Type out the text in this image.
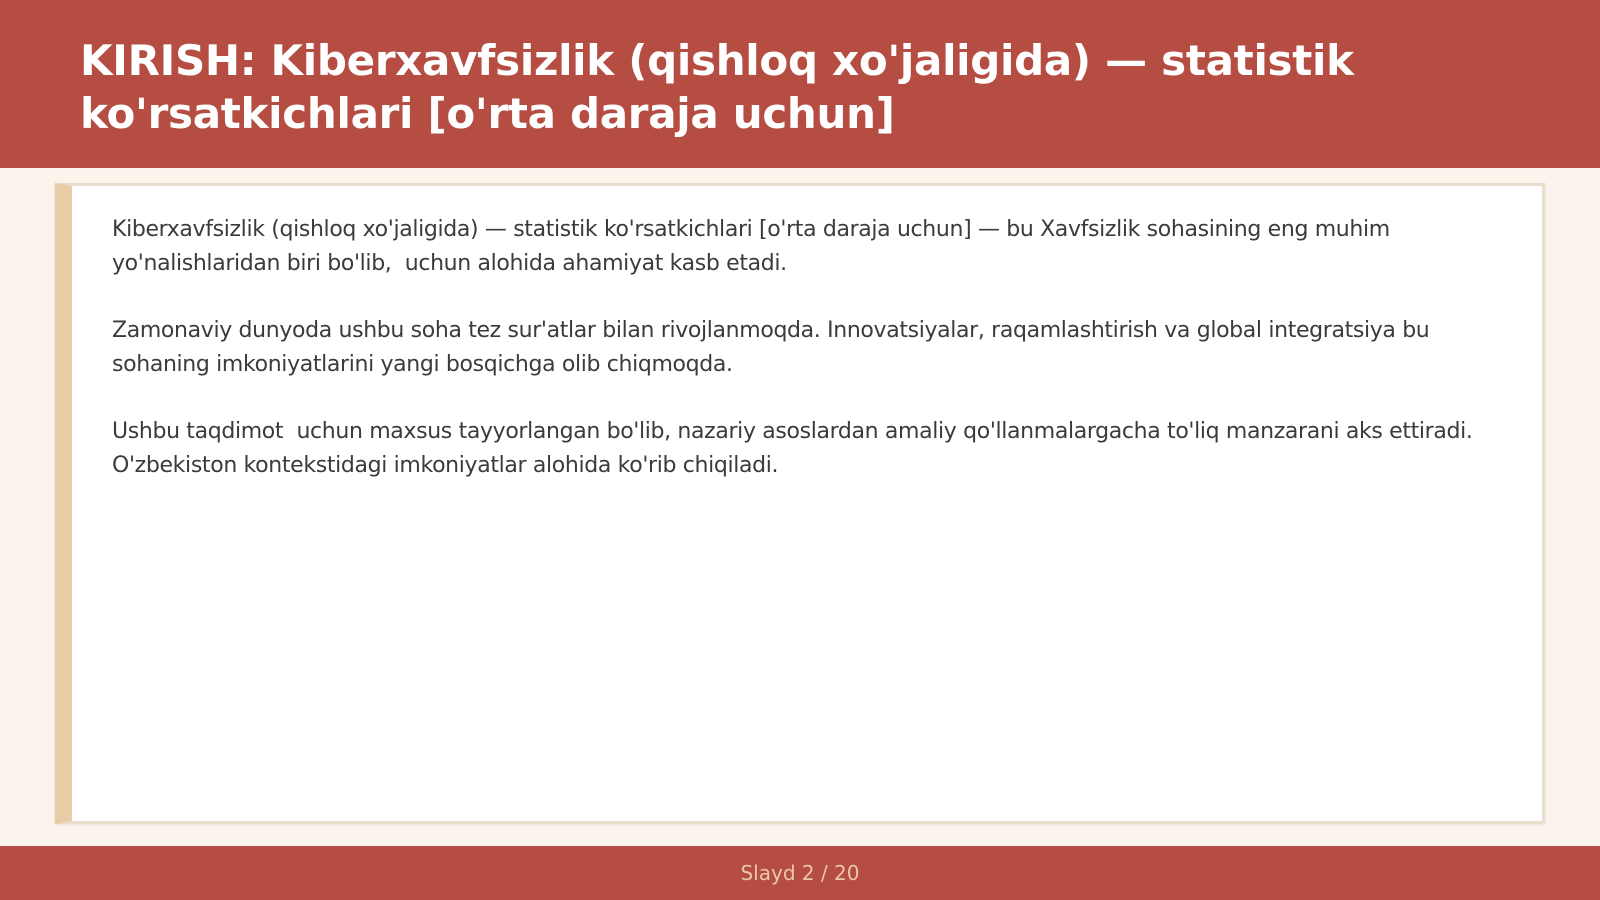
KIRISH: Kiberxavfsizlik (qishloq xo'jaligida) — statistik ko'rsatkichlari [o'rta daraja uchun]

Kiberxavfsizlik (qishloq xo'jaligida) — statistik ko'rsatkichlari [o'rta daraja uchun] — bu Xavfsizlik sohasining eng muhim yo'nalishlaridan biri bo'lib,  uchun alohida ahamiyat kasb etadi.

Zamonaviy dunyoda ushbu soha tez sur'atlar bilan rivojlanmoqda. Innovatsiyalar, raqamlashtirish va global integratsiya bu sohaning imkoniyatlarini yangi bosqichga olib chiqmoqda.

Ushbu taqdimot  uchun maxsus tayyorlangan bo'lib, nazariy asoslardan amaliy qo'llanmalargacha to'liq manzarani aks ettiradi. O'zbekiston kontekstidagi imkoniyatlar alohida ko'rib chiqiladi.

Slayd 2 / 20
